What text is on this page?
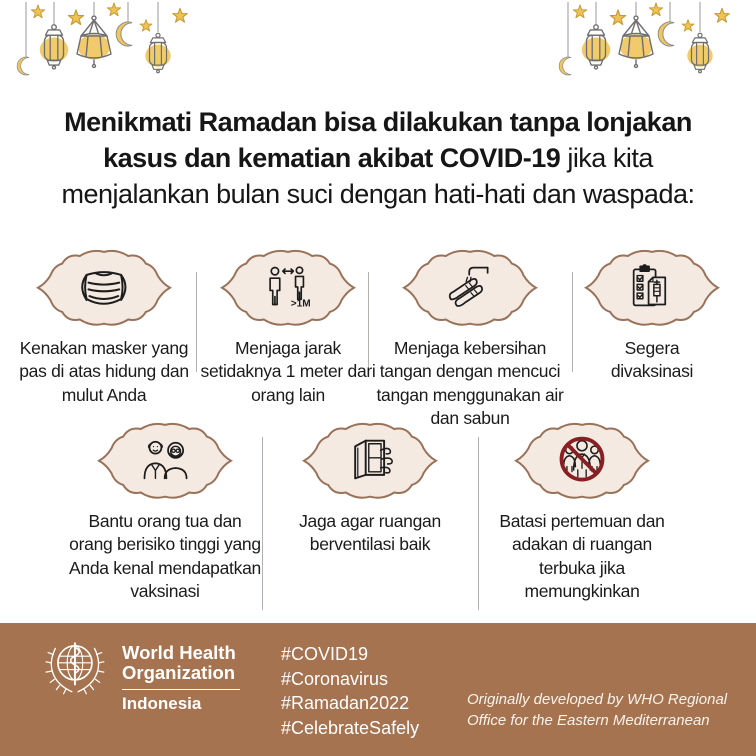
Menikmati Ramadan bisa dilakukan tanpa lonjakan
kasus dan kematian akibat COVID-19 jika kita
menjalankan bulan suci dengan hati-hati dan waspada:
Kenakan masker yang pas di atas hidung dan mulut Anda
>1M
Menjaga jarak setidaknya 1 meter dari orang lain
Menjaga kebersihan tangan dengan mencuci tangan menggunakan air dan sabun
Segera divaksinasi
Bantu orang tua dan orang berisiko tinggi yang Anda kenal mendapatkan vaksinasi
Jaga agar ruangan berventilasi baik
Batasi pertemuan dan adakan di ruangan terbuka jika memungkinkan
World Health
Organization
Indonesia
#COVID19
#Coronavirus
#Ramadan2022
#CelebrateSafely
Originally developed by WHO Regional Office for the Eastern Mediterranean
